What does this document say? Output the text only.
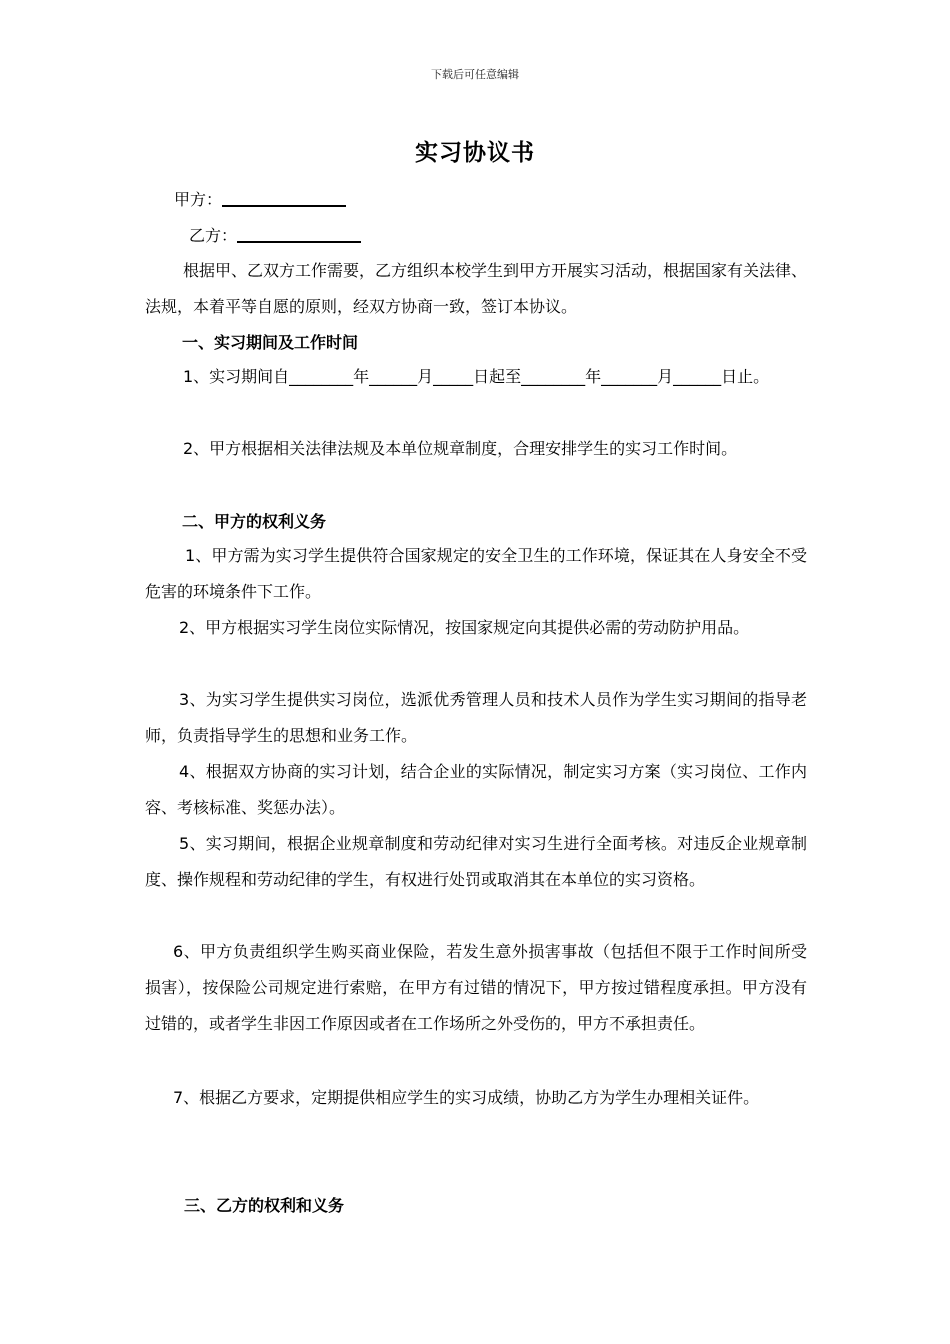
下载后可任意编辑
实习协议书
甲方：
乙方：

根据甲、乙双方工作需要，乙方组织本校学生到甲方开展实习活动，根据国家有关法律、法规，本着平等自愿的原则，经双方协商一致，签订本协议。

一、实习期间及工作时间

1、实习期间自________年______月_____日起至________年_______月______日止。

2、甲方根据相关法律法规及本单位规章制度，合理安排学生的实习工作时间。

二、甲方的权利义务

1、甲方需为实习学生提供符合国家规定的安全卫生的工作环境，保证其在人身安全不受危害的环境条件下工作。

2、甲方根据实习学生岗位实际情况，按国家规定向其提供必需的劳动防护用品。

3、为实习学生提供实习岗位，选派优秀管理人员和技术人员作为学生实习期间的指导老师，负责指导学生的思想和业务工作。

4、根据双方协商的实习计划，结合企业的实际情况，制定实习方案（实习岗位、工作内容、考核标准、奖惩办法）。

5、实习期间，根据企业规章制度和劳动纪律对实习生进行全面考核。对违反企业规章制度、操作规程和劳动纪律的学生，有权进行处罚或取消其在本单位的实习资格。

6、甲方负责组织学生购买商业保险，若发生意外损害事故（包括但不限于工作时间所受损害），按保险公司规定进行索赔，在甲方有过错的情况下，甲方按过错程度承担。甲方没有过错的，或者学生非因工作原因或者在工作场所之外受伤的，甲方不承担责任。

7、根据乙方要求，定期提供相应学生的实习成绩，协助乙方为学生办理相关证件。

三、乙方的权利和义务
